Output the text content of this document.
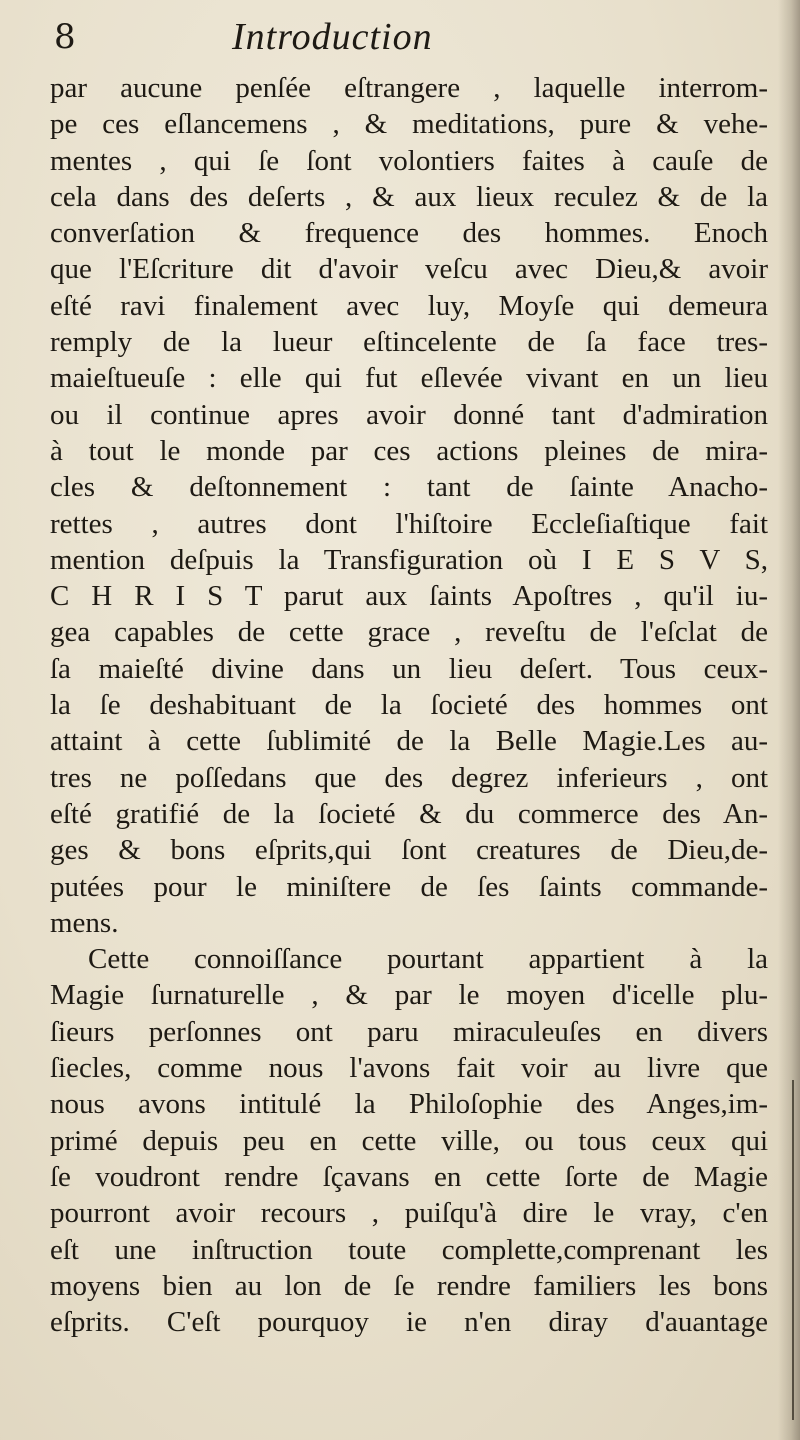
8	Introduction
par aucune penſée eſtrangere , laquelle interrom-
pe ces eſlancemens , & meditations, pure & vehe-
mentes , qui ſe ſont volontiers faites à cauſe de
cela dans des deſerts , & aux lieux reculez & de la
converſation & frequence des hommes. Enoch
que l'Eſcriture dit d'avoir veſcu avec Dieu,& avoir
eſté ravi finalement avec luy, Moyſe qui demeura
remply de la lueur eſtincelente de ſa face tres-
maieſtueuſe : elle qui fut eſlevée vivant en un lieu
ou il continue apres avoir donné tant d'admiration
à tout le monde par ces actions pleines de mira-
cles & deſtonnement : tant de ſainte Anacho-
rettes , autres dont l'hiſtoire Eccleſiaſtique fait
mention deſpuis la Transfiguration où I E S V S,
C H R I S T parut aux ſaints Apoſtres , qu'il iu-
gea capables de cette grace , reveſtu de l'eſclat de
ſa maieſté divine dans un lieu deſert. Tous ceux-
la ſe deshabituant de la ſocieté des hommes ont
attaint à cette ſublimité de la Belle Magie.Les au-
tres ne poſſedans que des degrez inferieurs , ont
eſté gratifié de la ſocieté & du commerce des An-
ges & bons eſprits,qui ſont creatures de Dieu,de-
putées pour le miniſtere de ſes ſaints commande-
mens.
Cette connoiſſance pourtant appartient à la
Magie ſurnaturelle , & par le moyen d'icelle plu-
ſieurs perſonnes ont paru miraculeuſes en divers
ſiecles, comme nous l'avons fait voir au livre que
nous avons intitulé la Philoſophie des Anges,im-
primé depuis peu en cette ville, ou tous ceux qui
ſe voudront rendre ſçavans en cette ſorte de Magie
pourront avoir recours , puiſqu'à dire le vray, c'en
eſt une inſtruction toute complette,comprenant les
moyens bien au lon de ſe rendre familiers les bons
eſprits. C'eſt pourquoy ie n'en diray d'auantage
